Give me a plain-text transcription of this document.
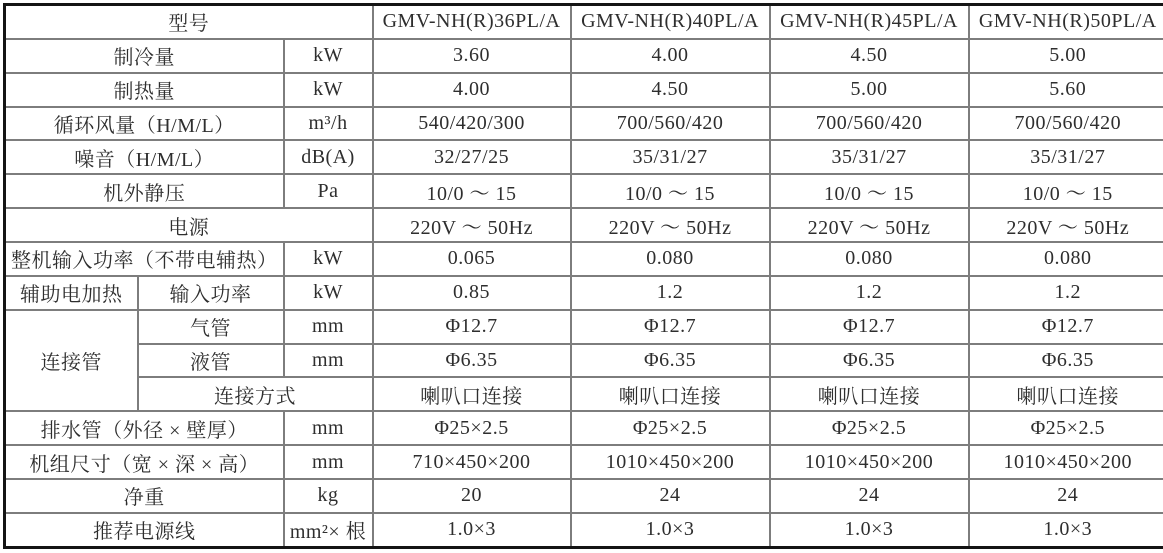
型号			GMV-NH(R)36PL/A	GMV-NH(R)40PL/A	GMV-NH(R)45PL/A	GMV-NH(R)50PL/A
制冷量		kW	3.60	4.00	4.50	5.00
制热量		kW	4.00	4.50	5.00	5.60
循环风量（H/M/L）		m³/h	540/420/300	700/560/420	700/560/420	700/560/420
噪音（H/M/L）		dB(A)	32/27/25	35/31/27	35/31/27	35/31/27
机外静压		Pa	10/0 ～ 15	10/0 ～ 15	10/0 ～ 15	10/0 ～ 15
电源			220V ～ 50Hz	220V ～ 50Hz	220V ～ 50Hz	220V ～ 50Hz
整机输入功率（不带电辅热）		kW	0.065	0.080	0.080	0.080
辅助电加热	输入功率	kW	0.85	1.2	1.2	1.2
连接管	气管	mm	Φ12.7	Φ12.7	Φ12.7	Φ12.7
	液管	mm	Φ6.35	Φ6.35	Φ6.35	Φ6.35
	连接方式		喇叭口连接	喇叭口连接	喇叭口连接	喇叭口连接
排水管（外径 × 壁厚）		mm	Φ25×2.5	Φ25×2.5	Φ25×2.5	Φ25×2.5
机组尺寸（宽 × 深 × 高）		mm	710×450×200	1010×450×200	1010×450×200	1010×450×200
净重		kg	20	24	24	24
推荐电源线		mm²× 根	1.0×3	1.0×3	1.0×3	1.0×3
